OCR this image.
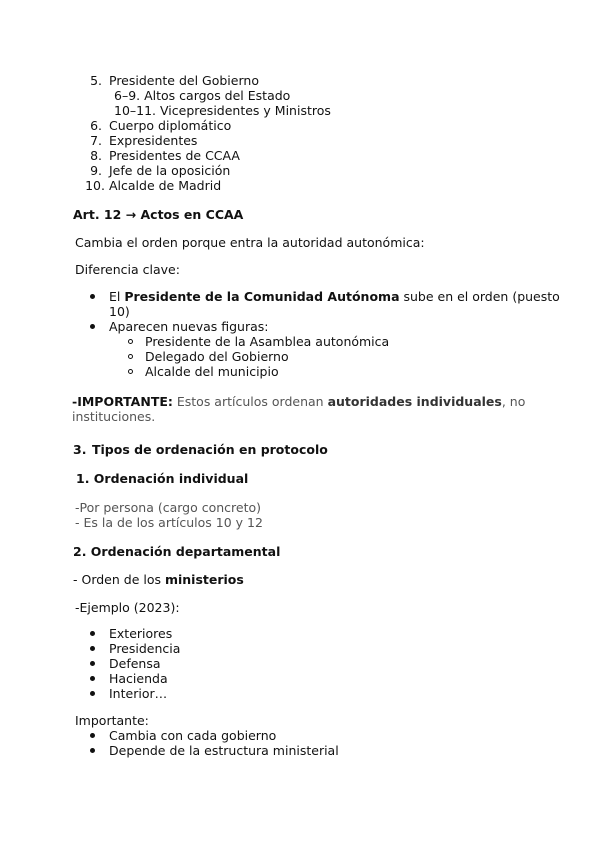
5. Presidente del Gobierno
6–9. Altos cargos del Estado
10–11. Vicepresidentes y Ministros
6. Cuerpo diplomático
7. Expresidentes
8. Presidentes de CCAA
9. Jefe de la oposición
10. Alcalde de Madrid
Art. 12 → Actos en CCAA
Cambia el orden porque entra la autoridad autonómica:
Diferencia clave:
El Presidente de la Comunidad Autónoma sube en el orden (puesto
10)
Aparecen nuevas figuras:
Presidente de la Asamblea autonómica
Delegado del Gobierno
Alcalde del municipio
-IMPORTANTE: Estos artículos ordenan autoridades individuales, no
instituciones.
3. Tipos de ordenación en protocolo
1. Ordenación individual
-Por persona (cargo concreto)
- Es la de los artículos 10 y 12
2. Ordenación departamental
- Orden de los ministerios
-Ejemplo (2023):
Exteriores
Presidencia
Defensa
Hacienda
Interior…
Importante:
Cambia con cada gobierno
Depende de la estructura ministerial
